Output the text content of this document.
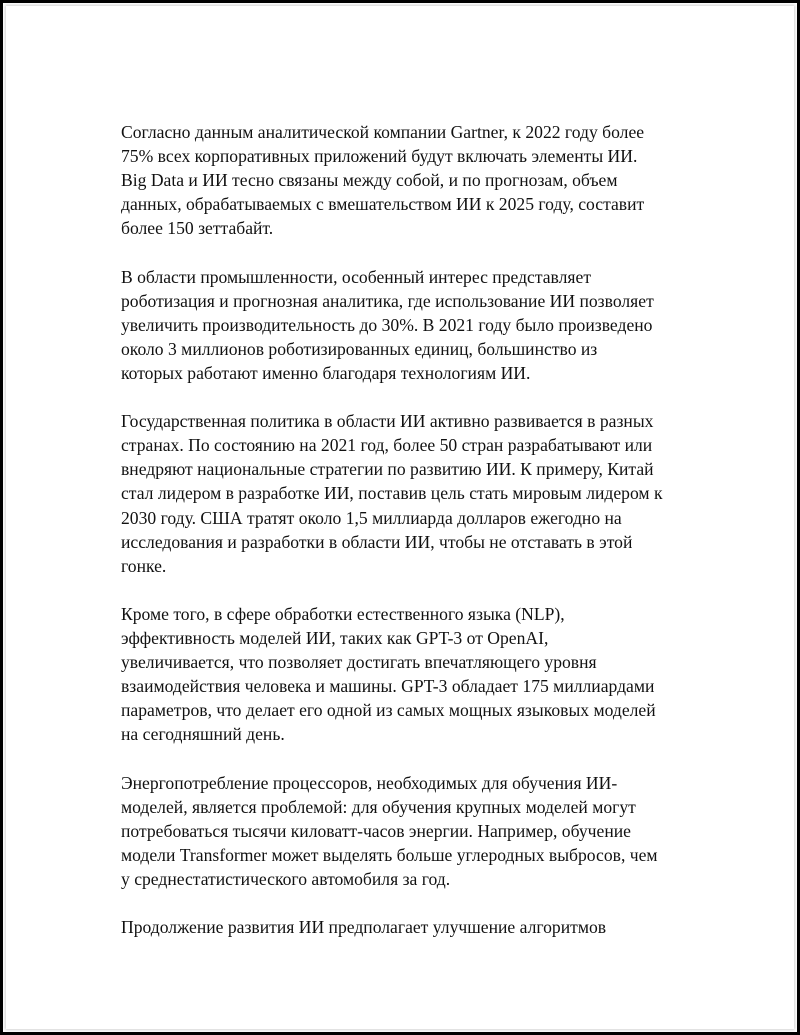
Согласно данным аналитической компании Gartner, к 2022 году более
75% всех корпоративных приложений будут включать элементы ИИ.
Big Data и ИИ тесно связаны между собой, и по прогнозам, объем
данных, обрабатываемых с вмешательством ИИ к 2025 году, составит
более 150 зеттабайт.

В области промышленности, особенный интерес представляет
роботизация и прогнозная аналитика, где использование ИИ позволяет
увеличить производительность до 30%. В 2021 году было произведено
около 3 миллионов роботизированных единиц, большинство из
которых работают именно благодаря технологиям ИИ.

Государственная политика в области ИИ активно развивается в разных
странах. По состоянию на 2021 год, более 50 стран разрабатывают или
внедряют национальные стратегии по развитию ИИ. К примеру, Китай
стал лидером в разработке ИИ, поставив цель стать мировым лидером к
2030 году. США тратят около 1,5 миллиарда долларов ежегодно на
исследования и разработки в области ИИ, чтобы не отставать в этой
гонке.

Кроме того, в сфере обработки естественного языка (NLP),
эффективность моделей ИИ, таких как GPT-3 от OpenAI,
увеличивается, что позволяет достигать впечатляющего уровня
взаимодействия человека и машины. GPT-3 обладает 175 миллиардами
параметров, что делает его одной из самых мощных языковых моделей
на сегодняшний день.

Энергопотребление процессоров, необходимых для обучения ИИ-
моделей, является проблемой: для обучения крупных моделей могут
потребоваться тысячи киловатт-часов энергии. Например, обучение
модели Transformer может выделять больше углеродных выбросов, чем
у среднестатистического автомобиля за год.

Продолжение развития ИИ предполагает улучшение алгоритмов
